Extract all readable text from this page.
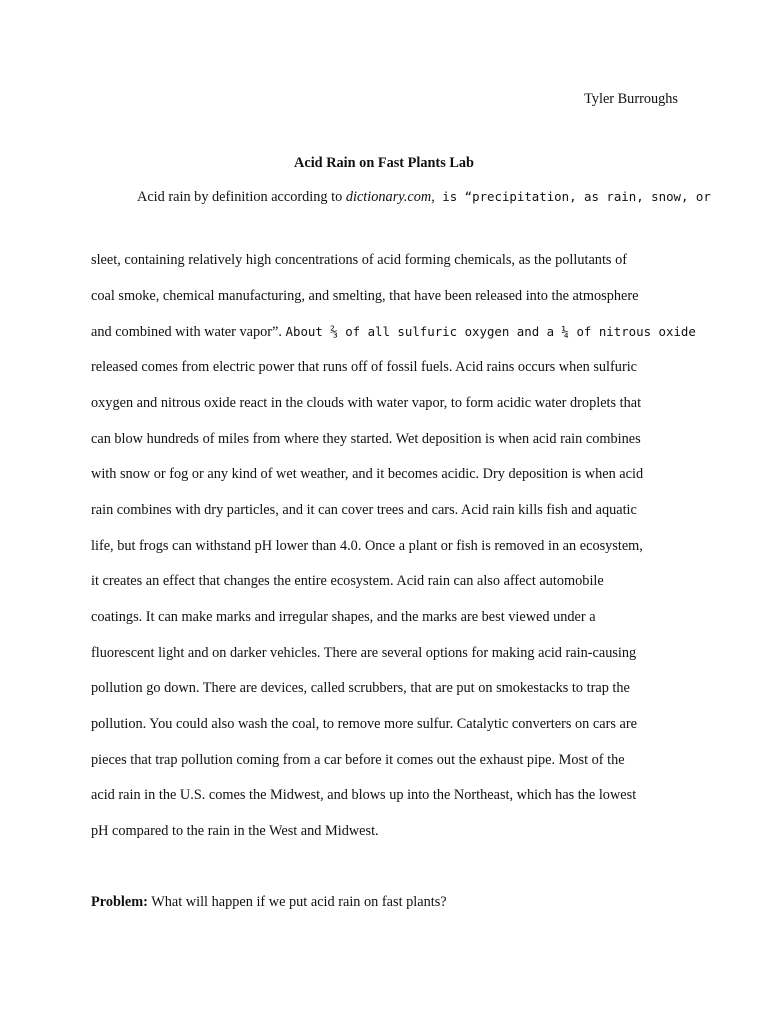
Tyler Burroughs
Acid Rain on Fast Plants Lab
Acid rain by definition according to dictionary.com, is “precipitation, as rain, snow, or
sleet, containing relatively high concentrations of acid forming chemicals, as the pollutants of
coal smoke, chemical manufacturing, and smelting, that have been released into the atmosphere
and combined with water vapor”. About ⅔ of all sulfuric oxygen and a ¼ of nitrous oxide
released comes from electric power that runs off of fossil fuels. Acid rains occurs when sulfuric
oxygen and nitrous oxide react in the clouds with water vapor, to form acidic water droplets that
can blow hundreds of miles from where they started. Wet deposition is when acid rain combines
with snow or fog or any kind of wet weather, and it becomes acidic. Dry deposition is when acid
rain combines with dry particles, and it can cover trees and cars. Acid rain kills fish and aquatic
life, but frogs can withstand pH lower than 4.0. Once a plant or fish is removed in an ecosystem,
it creates an effect that changes the entire ecosystem. Acid rain can also affect automobile
coatings. It can make marks and irregular shapes, and the marks are best viewed under a
fluorescent light and on darker vehicles. There are several options for making acid rain-causing
pollution go down. There are devices, called scrubbers, that are put on smokestacks to trap the
pollution. You could also wash the coal, to remove more sulfur. Catalytic converters on cars are
pieces that trap pollution coming from a car before it comes out the exhaust pipe. Most of the
acid rain in the U.S. comes the Midwest, and blows up into the Northeast, which has the lowest
pH compared to the rain in the West and Midwest.
Problem: What will happen if we put acid rain on fast plants?
